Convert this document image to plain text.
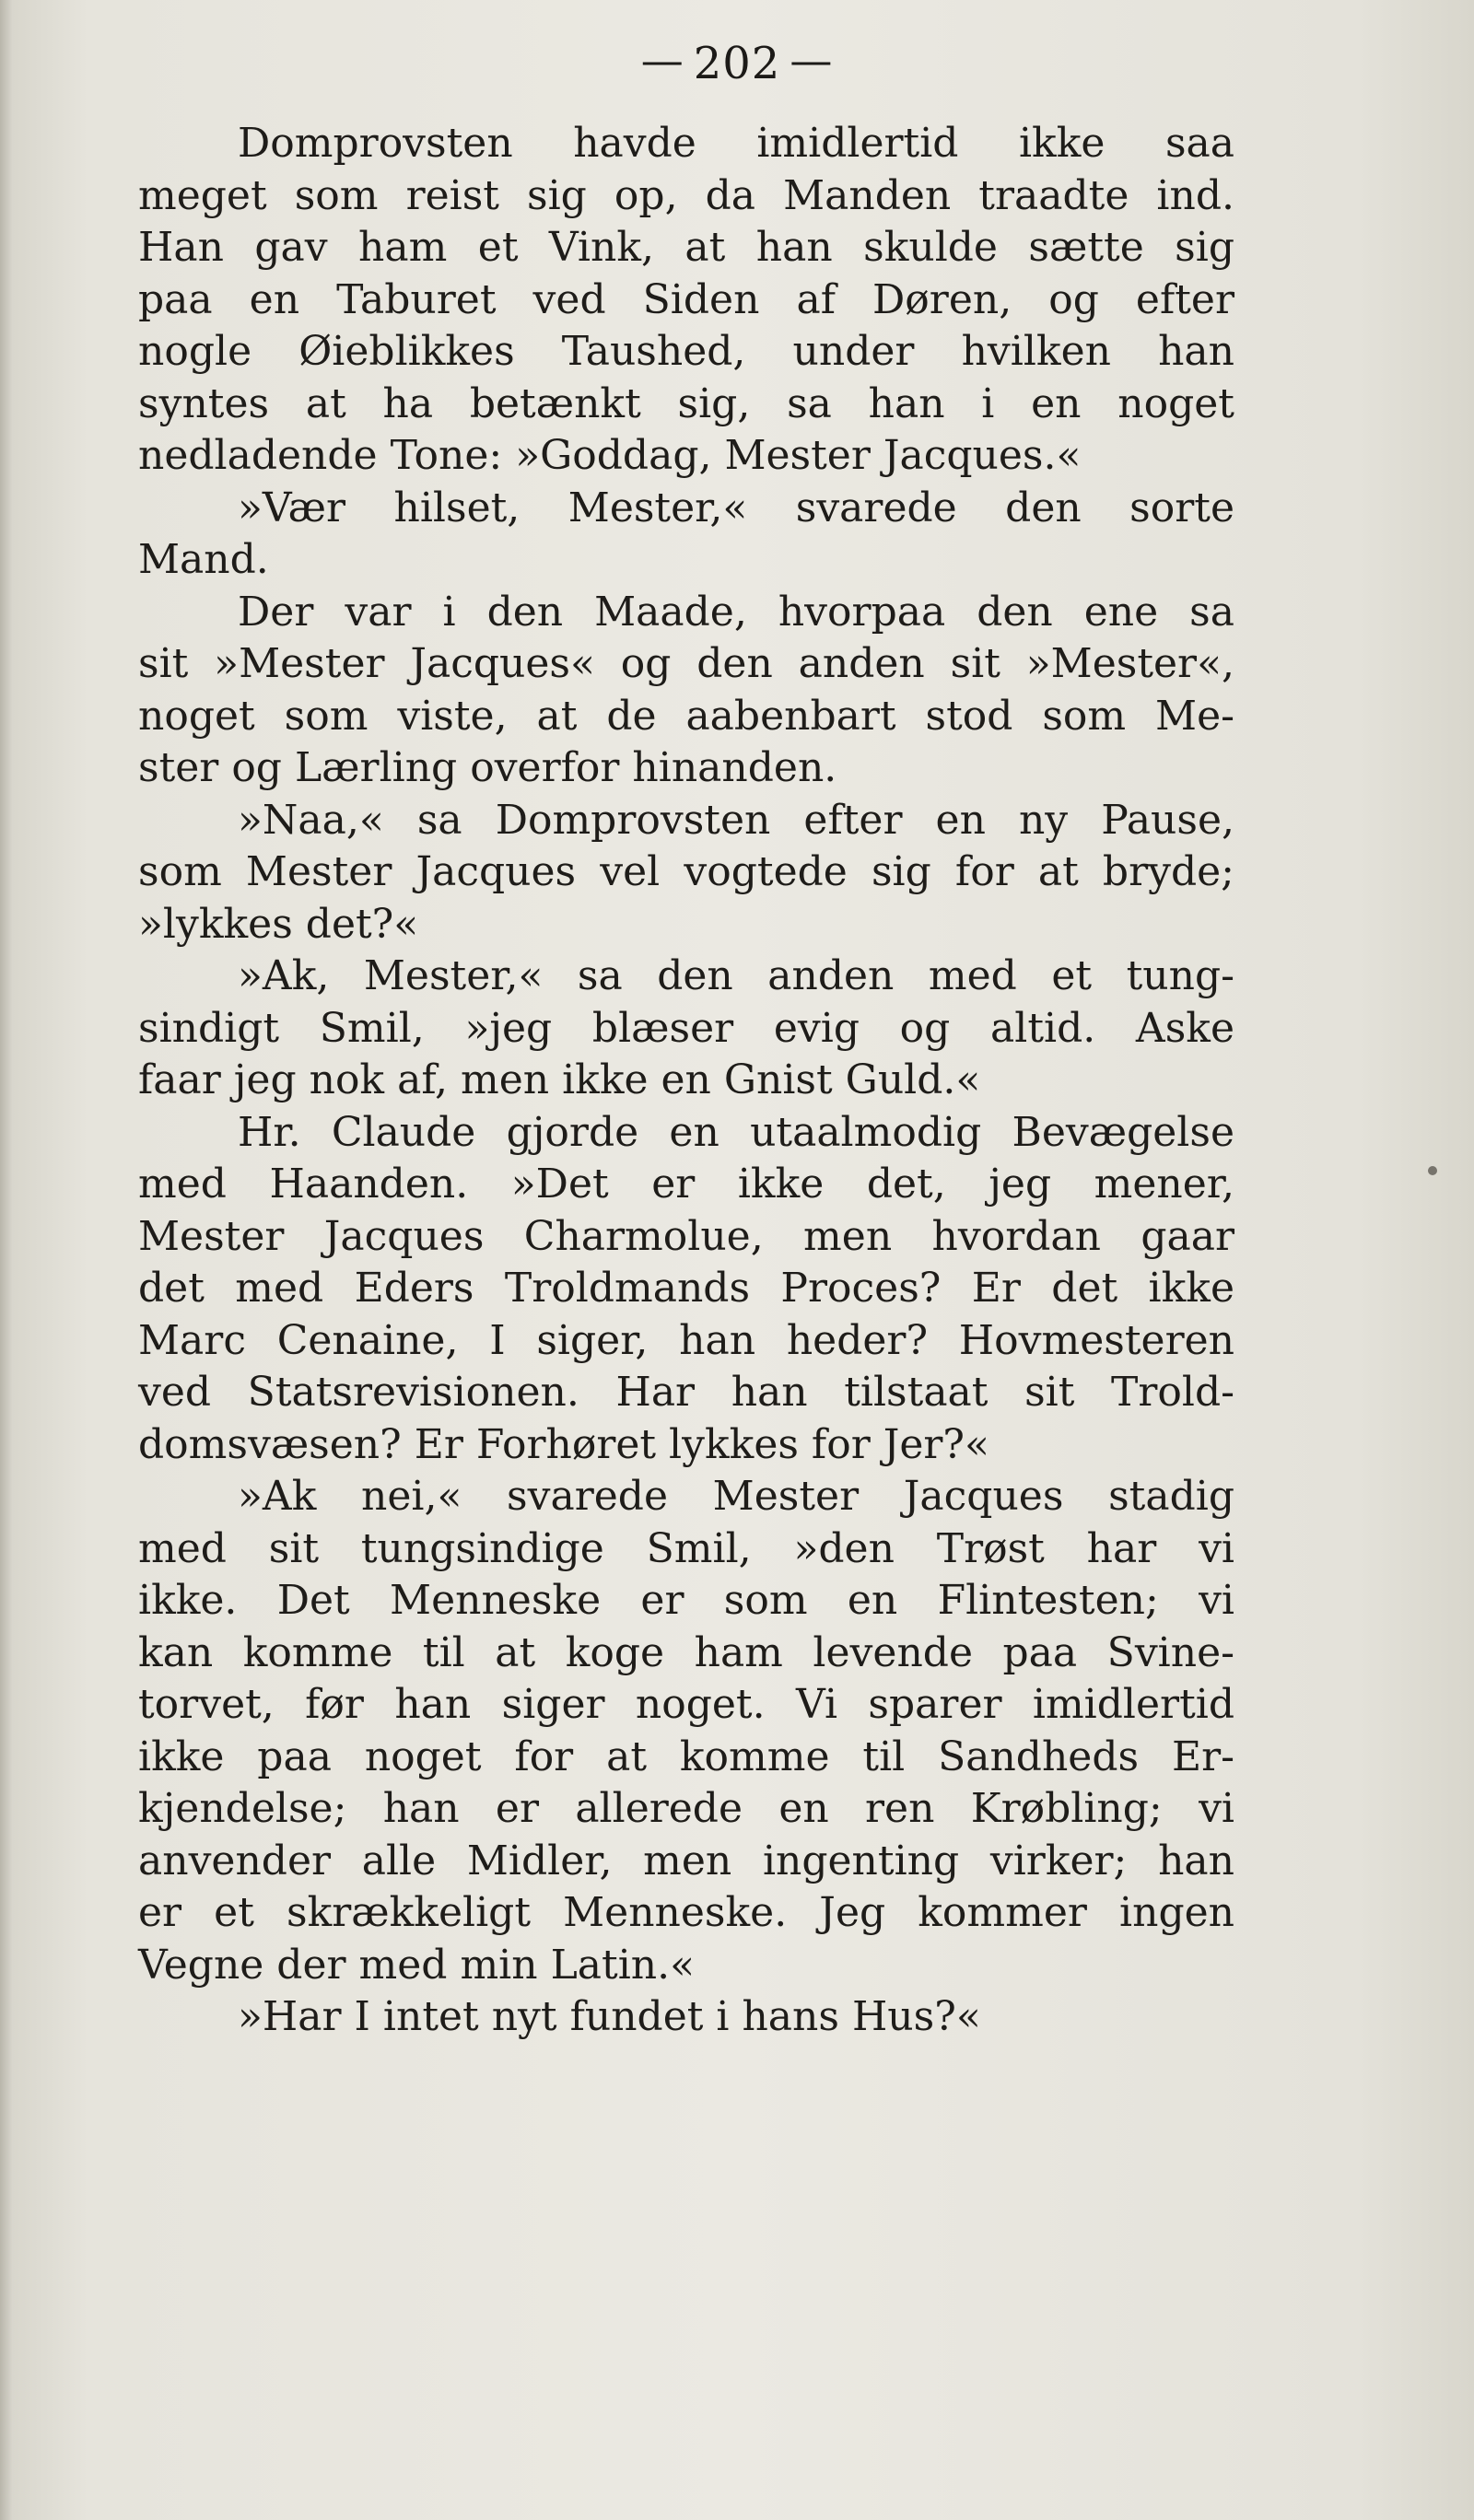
— 202 —
Domprovsten havde imidlertid ikke saa
meget som reist sig op, da Manden traadte ind.
Han gav ham et Vink, at han skulde sætte sig
paa en Taburet ved Siden af Døren, og efter
nogle Øieblikkes Taushed, under hvilken han
syntes at ha betænkt sig, sa han i en noget
nedladende Tone: »Goddag, Mester Jacques.«
»Vær hilset, Mester,« svarede den sorte
Mand.
Der var i den Maade, hvorpaa den ene sa
sit »Mester Jacques« og den anden sit »Mester«,
noget som viste, at de aabenbart stod som Me-
ster og Lærling overfor hinanden.
»Naa,« sa Domprovsten efter en ny Pause,
som Mester Jacques vel vogtede sig for at bryde;
»lykkes det?«
»Ak, Mester,« sa den anden med et tung-
sindigt Smil, »jeg blæser evig og altid. Aske
faar jeg nok af, men ikke en Gnist Guld.«
Hr. Claude gjorde en utaalmodig Bevægelse
med Haanden. »Det er ikke det, jeg mener,
Mester Jacques Charmolue, men hvordan gaar
det med Eders Troldmands Proces? Er det ikke
Marc Cenaine, I siger, han heder? Hovmesteren
ved Statsrevisionen. Har han tilstaat sit Trold-
domsvæsen? Er Forhøret lykkes for Jer?«
»Ak nei,« svarede Mester Jacques stadig
med sit tungsindige Smil, »den Trøst har vi
ikke. Det Menneske er som en Flintesten; vi
kan komme til at koge ham levende paa Svine-
torvet, før han siger noget. Vi sparer imidlertid
ikke paa noget for at komme til Sandheds Er-
kjendelse; han er allerede en ren Krøbling; vi
anvender alle Midler, men ingenting virker; han
er et skrækkeligt Menneske. Jeg kommer ingen
Vegne der med min Latin.«
»Har I intet nyt fundet i hans Hus?«
